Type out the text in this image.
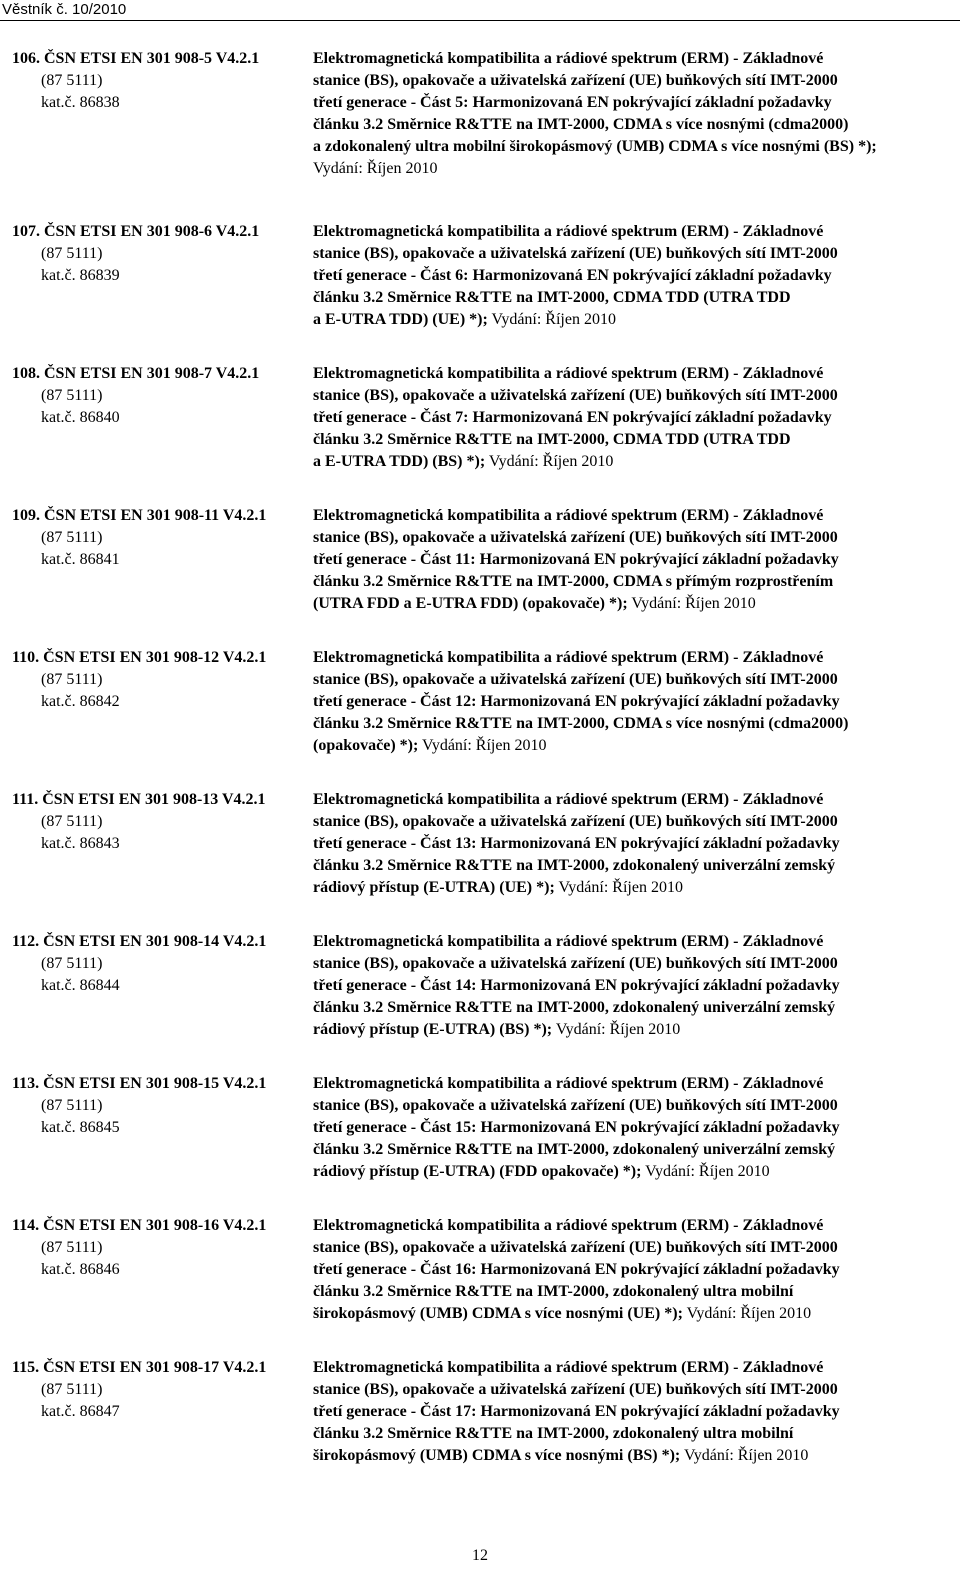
Věstník č. 10/2010
106. ČSN ETSI EN 301 908-5 V4.2.1
(87 5111)
kat.č. 86838
Elektromagnetická kompatibilita a rádiové spektrum (ERM) - Základnové
stanice (BS), opakovače a uživatelská zařízení (UE) buňkových sítí IMT-2000
třetí generace - Část 5: Harmonizovaná EN pokrývající základní požadavky
článku 3.2 Směrnice R&TTE na IMT-2000, CDMA s více nosnými (cdma2000)
a zdokonalený ultra mobilní širokopásmový (UMB) CDMA s více nosnými (BS) *);
Vydání: Říjen 2010
107. ČSN ETSI EN 301 908-6 V4.2.1
(87 5111)
kat.č. 86839
Elektromagnetická kompatibilita a rádiové spektrum (ERM) - Základnové
stanice (BS), opakovače a uživatelská zařízení (UE) buňkových sítí IMT-2000
třetí generace - Část 6: Harmonizovaná EN pokrývající základní požadavky
článku 3.2 Směrnice R&TTE na IMT-2000, CDMA TDD (UTRA TDD
a E-UTRA TDD) (UE) *); Vydání: Říjen 2010
108. ČSN ETSI EN 301 908-7 V4.2.1
(87 5111)
kat.č. 86840
Elektromagnetická kompatibilita a rádiové spektrum (ERM) - Základnové
stanice (BS), opakovače a uživatelská zařízení (UE) buňkových sítí IMT-2000
třetí generace - Část 7: Harmonizovaná EN pokrývající základní požadavky
článku 3.2 Směrnice R&TTE na IMT-2000, CDMA TDD (UTRA TDD
a E-UTRA TDD) (BS) *); Vydání: Říjen 2010
109. ČSN ETSI EN 301 908-11 V4.2.1
(87 5111)
kat.č. 86841
Elektromagnetická kompatibilita a rádiové spektrum (ERM) - Základnové
stanice (BS), opakovače a uživatelská zařízení (UE) buňkových sítí IMT-2000
třetí generace - Část 11: Harmonizovaná EN pokrývající základní požadavky
článku 3.2 Směrnice R&TTE na IMT-2000, CDMA s přímým rozprostřením
(UTRA FDD a E-UTRA FDD) (opakovače) *); Vydání: Říjen 2010
110. ČSN ETSI EN 301 908-12 V4.2.1
(87 5111)
kat.č. 86842
Elektromagnetická kompatibilita a rádiové spektrum (ERM) - Základnové
stanice (BS), opakovače a uživatelská zařízení (UE) buňkových sítí IMT-2000
třetí generace - Část 12: Harmonizovaná EN pokrývající základní požadavky
článku 3.2 Směrnice R&TTE na IMT-2000, CDMA s více nosnými (cdma2000)
(opakovače) *); Vydání: Říjen 2010
111. ČSN ETSI EN 301 908-13 V4.2.1
(87 5111)
kat.č. 86843
Elektromagnetická kompatibilita a rádiové spektrum (ERM) - Základnové
stanice (BS), opakovače a uživatelská zařízení (UE) buňkových sítí IMT-2000
třetí generace - Část 13: Harmonizovaná EN pokrývající základní požadavky
článku 3.2 Směrnice R&TTE na IMT-2000, zdokonalený univerzální zemský
rádiový přístup (E-UTRA) (UE) *); Vydání: Říjen 2010
112. ČSN ETSI EN 301 908-14 V4.2.1
(87 5111)
kat.č. 86844
Elektromagnetická kompatibilita a rádiové spektrum (ERM) - Základnové
stanice (BS), opakovače a uživatelská zařízení (UE) buňkových sítí IMT-2000
třetí generace - Část 14: Harmonizovaná EN pokrývající základní požadavky
článku 3.2 Směrnice R&TTE na IMT-2000, zdokonalený univerzální zemský
rádiový přístup (E-UTRA) (BS) *); Vydání: Říjen 2010
113. ČSN ETSI EN 301 908-15 V4.2.1
(87 5111)
kat.č. 86845
Elektromagnetická kompatibilita a rádiové spektrum (ERM) - Základnové
stanice (BS), opakovače a uživatelská zařízení (UE) buňkových sítí IMT-2000
třetí generace - Část 15: Harmonizovaná EN pokrývající základní požadavky
článku 3.2 Směrnice R&TTE na IMT-2000, zdokonalený univerzální zemský
rádiový přístup (E-UTRA) (FDD opakovače) *); Vydání: Říjen 2010
114. ČSN ETSI EN 301 908-16 V4.2.1
(87 5111)
kat.č. 86846
Elektromagnetická kompatibilita a rádiové spektrum (ERM) - Základnové
stanice (BS), opakovače a uživatelská zařízení (UE) buňkových sítí IMT-2000
třetí generace - Část 16: Harmonizovaná EN pokrývající základní požadavky
článku 3.2 Směrnice R&TTE na IMT-2000, zdokonalený ultra mobilní
širokopásmový (UMB) CDMA s více nosnými (UE) *); Vydání: Říjen 2010
115. ČSN ETSI EN 301 908-17 V4.2.1
(87 5111)
kat.č. 86847
Elektromagnetická kompatibilita a rádiové spektrum (ERM) - Základnové
stanice (BS), opakovače a uživatelská zařízení (UE) buňkových sítí IMT-2000
třetí generace - Část 17: Harmonizovaná EN pokrývající základní požadavky
článku 3.2 Směrnice R&TTE na IMT-2000, zdokonalený ultra mobilní
širokopásmový (UMB) CDMA s více nosnými (BS) *); Vydání: Říjen 2010
12
